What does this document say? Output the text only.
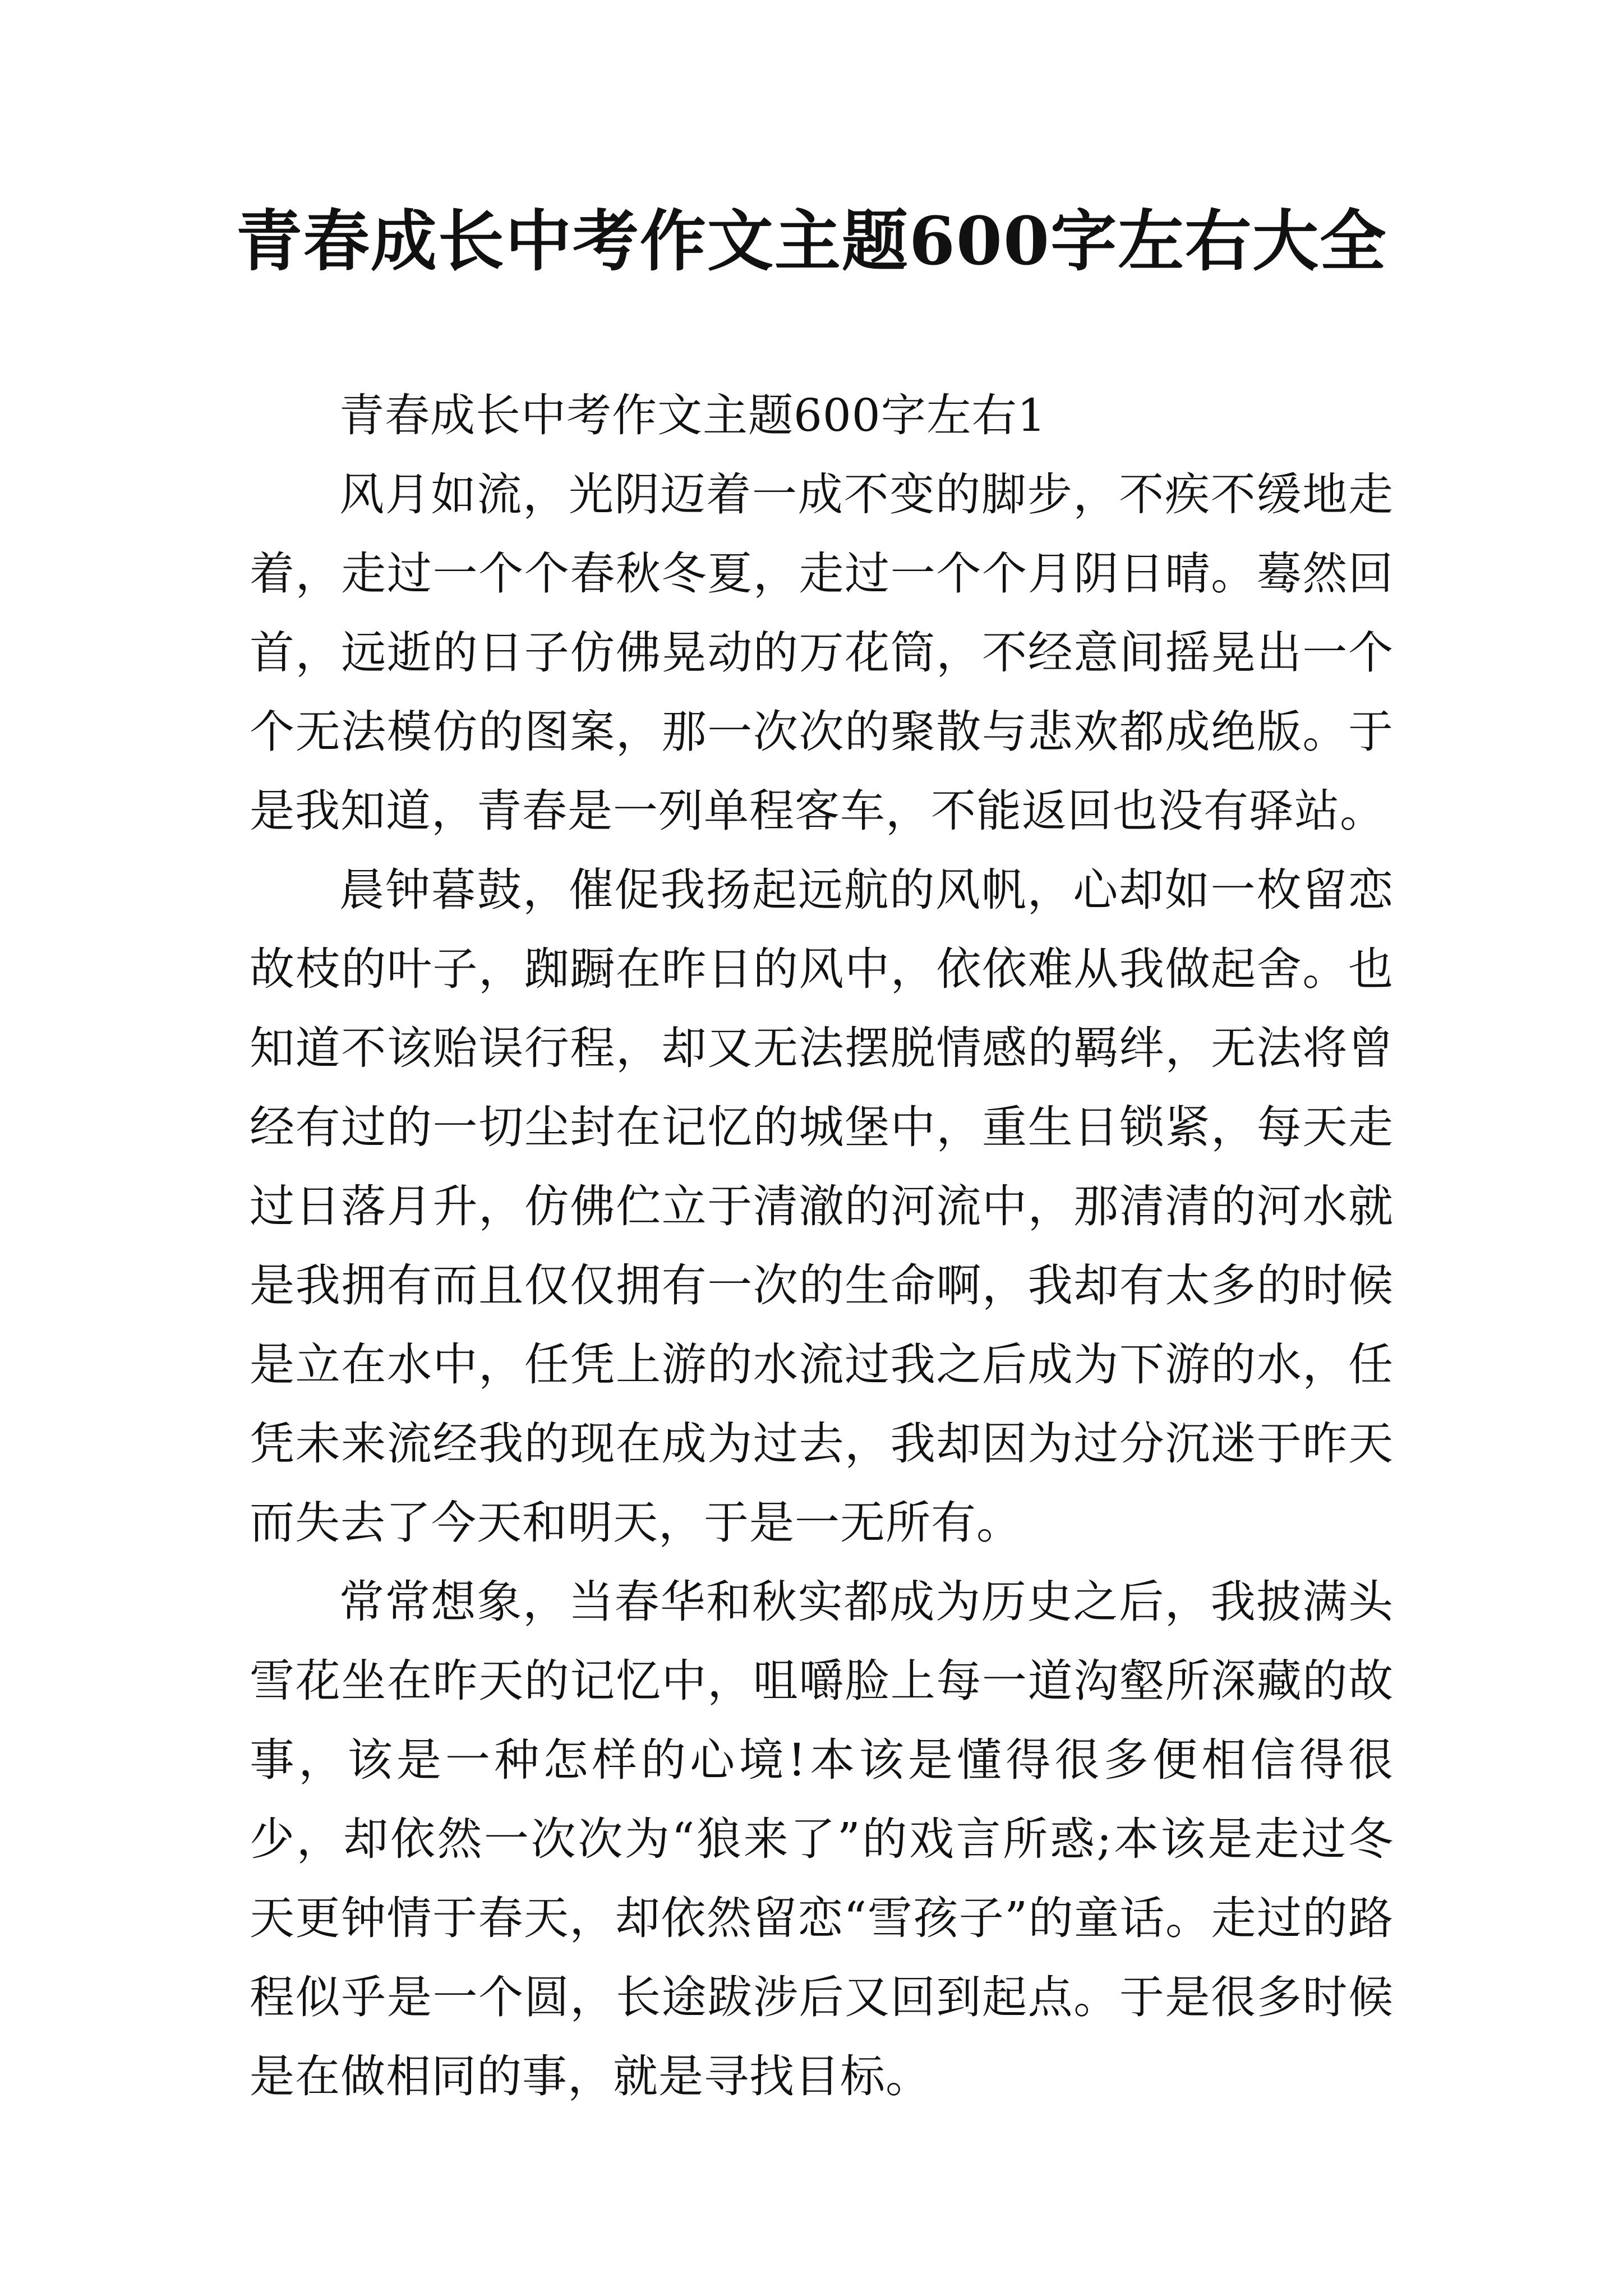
青春成长中考作文主题600字左右大全

青春成长中考作文主题600字左右1

风月如流，光阴迈着一成不变的脚步，不疾不缓地走着，走过一个个春秋冬夏，走过一个个月阴日晴。蓦然回首，远逝的日子仿佛晃动的万花筒，不经意间摇晃出一个个无法模仿的图案，那一次次的聚散与悲欢都成绝版。于是我知道，青春是一列单程客车，不能返回也没有驿站。

晨钟暮鼓，催促我扬起远航的风帆，心却如一枚留恋故枝的叶子，踟蹰在昨日的风中，依依难从我做起舍。也知道不该贻误行程，却又无法摆脱情感的羁绊，无法将曾经有过的一切尘封在记忆的城堡中，重生日锁紧，每天走过日落月升，仿佛伫立于清澈的河流中，那清清的河水就是我拥有而且仅仅拥有一次的生命啊，我却有太多的时候是立在水中，任凭上游的水流过我之后成为下游的水，任凭未来流经我的现在成为过去，我却因为过分沉迷于昨天而失去了今天和明天，于是一无所有。

常常想象，当春华和秋实都成为历史之后，我披满头雪花坐在昨天的记忆中，咀嚼脸上每一道沟壑所深藏的故事，该是一种怎样的心境!本该是懂得很多便相信得很少，却依然一次次为“狼来了”的戏言所惑;本该是走过冬天更钟情于春天，却依然留恋“雪孩子”的童话。走过的路程似乎是一个圆，长途跋涉后又回到起点。于是很多时候是在做相同的事，就是寻找目标。
